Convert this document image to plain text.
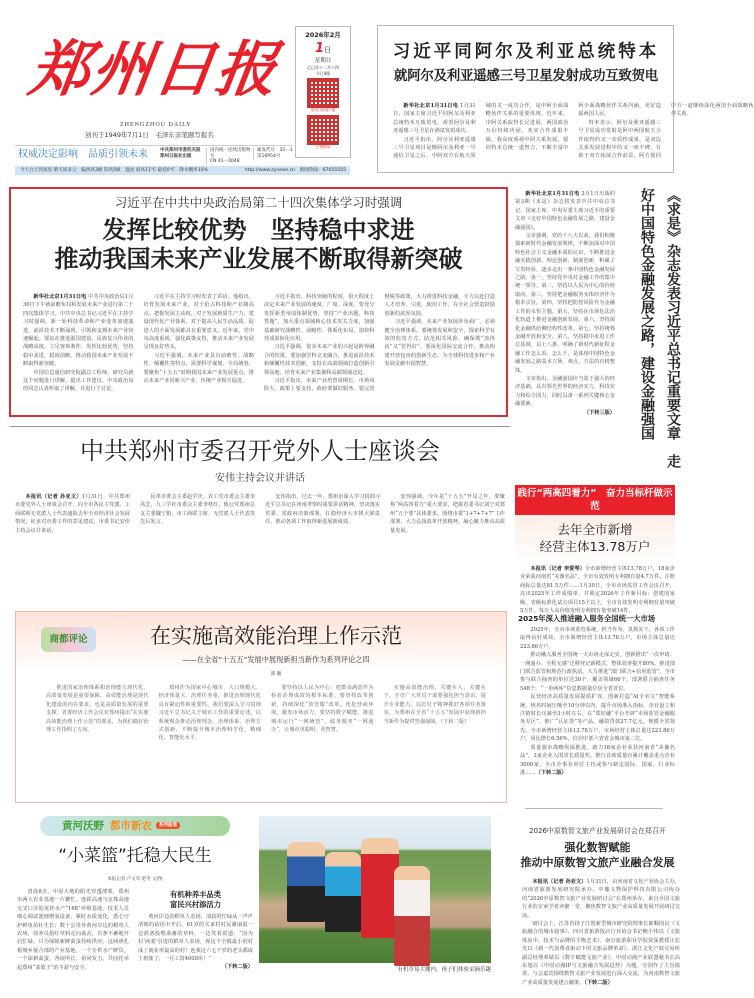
郑州日报
ZHENGZHOU DAILY
创刊于1949年7月1日　毛泽东亲笔题写报名
权威决定影响　品质引领未来	中共郑州市委机关报　郑州日报社出版
国内统一连续出版物号
CN 41－0048
邮发代号：35－3
第16954号
今天白天到夜里 晴天间多云　偏西风3级 阵风5级　温度 最高11℃ 最低0℃　降水概率10%	http://www.zynews.cn　新闻热线：67655555
2026年2月
1日
星期日
乙巳年十二月十四
今日4版
郑州日报客户端
正观新闻
习近平同阿尔及利亚总统特本
就阿尔及利亚遥感三号卫星发射成功互致贺电

新华社北京1月31日电 1月31日，国家主席习近平同阿尔及利亚总统特本互致贺电，祝贺阿尔及利亚遥感三号卫星在酒泉发射成功。

习近平指出，阿尔及利亚遥感三号卫星项目是继阿尔及利亚一号通信卫星之后，中阿双方在航天领域的又一成功合作，是中阿全面战略伙伴关系的重要体现。近年来，中阿关系取得长足进展，两国政治互信持续巩固，务实合作成果丰硕。我高度重视中阿关系发展，愿同特本总统一道努力，不断丰富中阿全面战略伙伴关系内涵，更好造福两国人民。

特本表示，阿尔及利亚遥感三号卫星成功发射是阿中两国航天合作取得的又一实质性成果，是双边关系发展进程中的又一座丰碑，有助于双方拓展合作前景。阿方愿同中方一道继续深化两国全面战略伙伴关系。

习近平在中共中央政治局第二十四次集体学习时强调
发挥比较优势　坚持稳中求进
推动我国未来产业发展不断取得新突破

新华社北京1月31日电 中共中央政治局1月30日下午就前瞻布局和发展未来产业进行第二十四次集体学习。中共中央总书记习近平在主持学习时强调，新一轮科技革命和产业变革加速演进，前沿技术不断涌现，引领和支撑未来产业快速崛起。要站在推进强国建设、民族复兴伟业的战略高度，立足客观条件，发挥比较优势，坚持稳中求进，稳度前瞻，推动我国未来产业发展不断取得新突破。

中国信息通信研究院副总工程师、研究员就这个问题进行讲解，提出工作建议。中央政治局的同志认真听取了讲解，并进行了讨论。

习近平在主持学习时发表了讲话。他指出，培育发展未来产业，对于抢占科技和产业制高点、把握发展主动权，对于发展新质生产力、建设现代化产业体系，对于提高人民生活品质、促进人的全面发展都具有重要意义。近年来，党中央高度重视，强化政策支持，推动未来产业发展呈现良好势头。

习近平强调，未来产业具有前瞻性、战略性、颠覆性等特点，需要科学谋划、全局统筹。要聚焦“十五五”时期我国未来产业发展重点，推动未来产业同新兴产业、传统产业相互促进。

习近平指出，科技突破的程度，很大程度上决定未来产业发展的速度、广度、深度。要充分发挥新型举国体制优势，坚持“产业出题、科技答题”，加大重点领域核心技术攻关力度，加强基础研究战略性、前瞻性、体系化布局，加快科技成果转化应用。

习近平强调，很多未来产业的兴起是跨界融合的结果，要加强学科交叉融合，推进前沿技术和颠覆性技术创新，支持在高端领域打造创新引领高地，培育未来产业集聚和高端领域迈进。

习近平指出，未来产业培育周期长、市场风险大，政策上要支持，政府要做好服务。要完善财税等政策，大力推进科技金融，全力以赴打造人才培养、引进、使用工作，在全社会营造鼓励创新的浓厚氛围。

习近平强调，未来产业发展涉及面广，必须健全治理体系。要统筹发展和安全，探索科学有效的监管方式，防范相关风险，确保既“放得活”又“管得好”。要深化国际交流合作，推动构建开放包容的创新生态，为全球科技进步和产业发展贡献中国智慧。	《求是》杂志发表习近平总书记重要文章　走好中国特色金融发展之路，建设金融强国

新华社北京1月31日电 2月1日出版的第3期《求是》杂志将发表中共中央总书记、国家主席、中央军委主席习近平的重要文章《走好中国特色金融发展之路，建设金融强国》。

文章强调，党的十八大以来，我们积极探索新时代金融发展规律，不断加深对中国特色社会主义金融本质的认识，不断推进金融实践创新、理论创新、制度创新，积累了宝贵经验，逐步走出一条中国特色金融发展之路。第一，坚持党中央对金融工作的集中统一领导。第二，坚持以人民为中心的价值取向。第三，坚持把金融服务实体经济作为根本宗旨。第四，坚持把防控风险作为金融工作的永恒主题。第五，坚持在市场化法治化轨道上推进金融创新发展。第六，坚持深化金融供给侧结构性改革。第七，坚持统筹金融开放和安全。第八，坚持稳中求进工作总基调。以上八条，明确了新时代新征程金融工作怎么看、怎么干，是体现中国特色金融发展之路基本立场、观点、方法的有机整体。

文章指出，金融强国应当基于强大的经济基础，具有领先世界的经济实力、科技实力和综合国力，同时具备一系列关键核心金融要素。

（下转三版）

中共郑州市委召开党外人士座谈会
安伟主持会议并讲话

本报讯（记者 孙亚文）1月31日，中共郑州市委党外人士座谈会召开，向全市各民主党派、工商联和无党派人士代表通报去年全市经济社会发展情况，征求对市委工作的意见建议。市委书记安伟主持会议并讲话。

民革市委会主委赵学庆，农工党市委会主委李凤芝，九三学社市委会主委李枕红，致公党郑州总支主委魏宁娟，市工商联主席、无党派人士代表等先后发言。

安伟指出，过去一年，郑州市深入学习贯彻习近平总书记在河南考察时重要讲话精神，坚决落实省委、省政府决策部署，扛稳经济大市挑大梁责任，推动各项工作取得新进展新成效。

安伟强调，今年是“十五五”开局之年，要聚焦“两高四着力”重大要求，把握省委书记刘宁对郑州“五个要”具体要求，围绕市委“1+7+7+7”工作部署，大力弘扬改革开放精神，凝心聚力推动高质量发展。

践行“两高四着力”　奋力当标杆做示范
去年全市新增
经营主体13.78万户

本报讯（记者 李爱琴）全市新增经营主体13.78万户，18家企业荣获河南省“美豫名品”，全市有效发明专利拥有量4.7万件，注册商标总量达81.5万件……1月30日，全市市场监管工作会议召开，亮出2025年工作成绩单，并锁定2026年工作新目标：创建国家级、省级标准化试点项目15个以上，全市有效发明专利拥有量突破5万件，每万人高价值发明专利拥有量突破14件。

2025年深入推进融入服务全国统一大市场

2025年，全市市场监管系统，担当作为、真抓实干，各项工作取得良好成效，全市新增经营主体13.78万户，市场主体总量达223.86万户。

推动融入服务全国统一大市场走深走实。创新推出“一次申请、一网通办、全程无感”迁移登记新模式，整体效率提升80%。推进部门联合监管和规范行政执法，大力推进“部门联合+信用监管”，全市参与联合抽查的单位达30个，覆盖领域66个，部署联合抽查任务548个，“一单两库”信息数据量位居全省首位。

民营经济高质量发展提质扩容。创新打造“AI全名宝”智能系统，核名时间压缩至10分钟以内，提升市场准入指标，企业设立和注销时长压减至3小时左右。在“郑好融”平台开辟“市场监管金融服务专区”，推广“认证贷”等产品，融资贷款27.7亿元，规模全省领先。全市新增经营主体13.78万户，市场经营主体总量达223.86万户，同比增长6.56%，位居中部六省省会城市第二位。

质量强市战略纵深推进。助力18家企业荣获河南省“美豫名品”，3家企业入围省长质量奖。推行首席质量官累计覆盖重点企业3000家，全市企事业单位主持或参与制定国际、国家、行业标准……（下转二版）

商都评论	在实施高效能治理上作示范
——在全省“十五五”发展中展现新担当新作为系列评论之四
郑 徽

推进国家治理体系和治理能力现代化，高质量发展是重要保障。高效能治理是现代化建设的内在要求，也是高质量发展的重要支撑。省委经济工作会议对郑州提出“在实施高效能治理上作示范”的要求，为我们做好治理工作指明了方向。

郑州作为国家中心城市，人口规模大、经济体量大、治理任务重，推进治理现代化具有紧迫性和重要性。我们要深入学习贯彻习近平总书记关于城市工作的重要论述，以系统观念推动治理理念、治理体系、治理方式创新，不断提升城市治理科学化、精细化、智能化水平。

要坚持以人民为中心，把群众满意作为检验治理成效的根本标准。要坚持改革创新，持续深化“放管服”改革，优化营商环境，激发市场活力。要坚持数字赋能，推进城市运行“一网统管”、政务服务“一网通办”，让城市更聪明、更智慧。

实施高效能治理，关键在人、关键在干。全市广大党员干部要强化担当意识，提升专业能力，以钉钉子精神抓好各项任务落实，为郑州在全省“十五五”发展中展现新担当新作为提供坚强保障。（下转二版）

黄河沃野 都市新农 系列报道
“小菜篮”托稳大民生
本报记者 卢文军 赵冬 文/图

清晨8点，中原大地的阳光穿透薄雾，郑州市两大农业基地一片繁忙。连霍高速与京珠高速交叉口旁的龙祥水产“168”养殖基地，技术人员细心调试池塘增氧设备，紧盯水质变化，悉心守护鲜鱼苗壮生长；数十公里外黄河岸边的稻草人农场，饲养员捎红草料走向禽舍，有条不紊地开启忙碌。只为保障新鲜禽蛋持续供应。这两座扎根城乡接合部的产业基地，一个专供水产鲜货，一个深耕禽蛋，各展所长、协同发力，共同托举起郑州“菜篮子”的丰盈与安全。

有机种养丰品类
富民兴村添活力

黄河岸边的稻草人农场，清晨的忙碌从一声声清朗的话语中开启。61岁的关家村村民谢丽霞一边准备投喂禽畜的草料，一边笑着说道：“因为村‘两委’引进的稻草人农场，现这个全镇最小的村成了就业率最高的村！连我这六七十岁的老头都成上班族了，一月工资4000块！”

（下转二版）	有机草莓大棚内，孩子们体验采摘乐趣
2026中原数智文旅产业发展研讨会在郑召开
强化数智赋能
推动中原数智文旅产业融合发展

本报讯（记者 孙亚文）1月31日，由河南省文化产业协会主办，河南省旅游发展研究院承办，中豫文物保护科技有限公司协办的“2026中原数智文旅产业发展研讨会”在郑州举办，来自全国文旅行业的专家学者齐聚一堂，聚焦数智文旅产业高质量发展开展研讨交流。

研讨会上，江苏省扬子江创新型城市研究院理事长郎顺国以《文旅融合的城市叙事》、四川省旅游饭店行业协会书记鲍小伟以《文旅体验中，技术与品牌的平衡艺术》、南京旅游职业学院资深教授汪宏光以《新一代消费者驱动下的文旅品牌革命》、浙江文化产权交易所副总经理邓婧以《数字赋能文旅产业》、中国动漫产业联盟秘书长高东旭以《中国动漫IP与文旅融合发展趋势》为题，分别作了主旨演讲。与会嘉宾围绕数智文旅产业发展进行深入交流，为河南数智文旅产业高质量发展建言献策。（下转二版）
